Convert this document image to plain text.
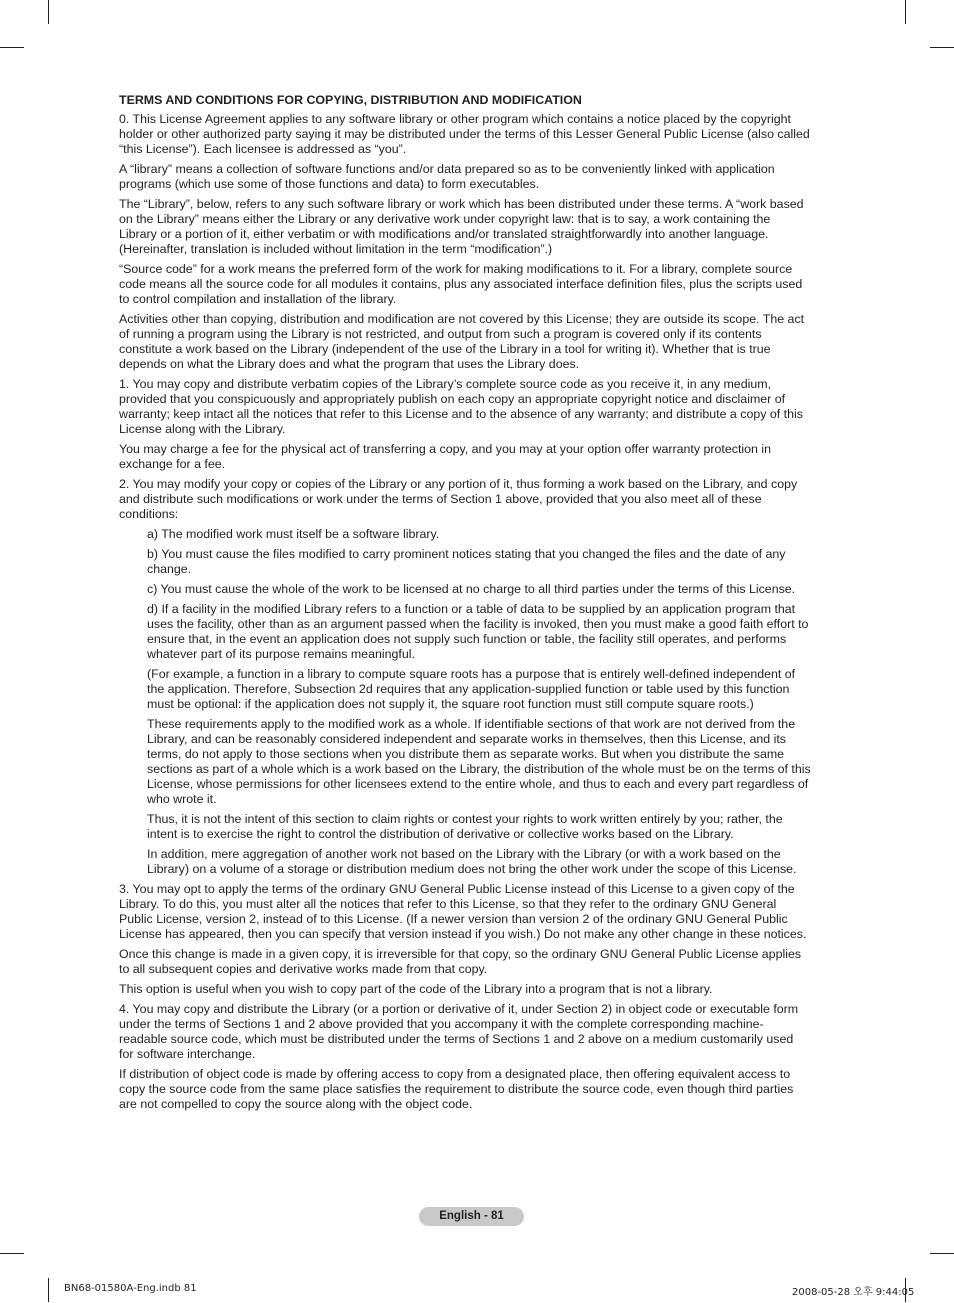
TERMS AND CONDITIONS FOR COPYING, DISTRIBUTION AND MODIFICATION

0. This License Agreement applies to any software library or other program which contains a notice placed by the copyright holder or other authorized party saying it may be distributed under the terms of this Lesser General Public License (also called “this License”). Each licensee is addressed as “you”.

A “library” means a collection of software functions and/or data prepared so as to be conveniently linked with application programs (which use some of those functions and data) to form executables.

The “Library”, below, refers to any such software library or work which has been distributed under these terms. A “work based on the Library” means either the Library or any derivative work under copyright law: that is to say, a work containing the Library or a portion of it, either verbatim or with modifications and/or translated straightforwardly into another language. (Hereinafter, translation is included without limitation in the term “modification”.)

“Source code” for a work means the preferred form of the work for making modifications to it. For a library, complete source code means all the source code for all modules it contains, plus any associated interface definition files, plus the scripts used to control compilation and installation of the library.

Activities other than copying, distribution and modification are not covered by this License; they are outside its scope. The act of running a program using the Library is not restricted, and output from such a program is covered only if its contents constitute a work based on the Library (independent of the use of the Library in a tool for writing it). Whether that is true depends on what the Library does and what the program that uses the Library does.

1. You may copy and distribute verbatim copies of the Library’s complete source code as you receive it, in any medium, provided that you conspicuously and appropriately publish on each copy an appropriate copyright notice and disclaimer of warranty; keep intact all the notices that refer to this License and to the absence of any warranty; and distribute a copy of this License along with the Library.

You may charge a fee for the physical act of transferring a copy, and you may at your option offer warranty protection in exchange for a fee.

2. You may modify your copy or copies of the Library or any portion of it, thus forming a work based on the Library, and copy and distribute such modifications or work under the terms of Section 1 above, provided that you also meet all of these conditions:

a) The modified work must itself be a software library.

b) You must cause the files modified to carry prominent notices stating that you changed the files and the date of any change.

c) You must cause the whole of the work to be licensed at no charge to all third parties under the terms of this License.

d) If a facility in the modified Library refers to a function or a table of data to be supplied by an application program that uses the facility, other than as an argument passed when the facility is invoked, then you must make a good faith effort to ensure that, in the event an application does not supply such function or table, the facility still operates, and performs whatever part of its purpose remains meaningful.

(For example, a function in a library to compute square roots has a purpose that is entirely well-defined independent of the application. Therefore, Subsection 2d requires that any application-supplied function or table used by this function must be optional: if the application does not supply it, the square root function must still compute square roots.)

These requirements apply to the modified work as a whole. If identifiable sections of that work are not derived from the Library, and can be reasonably considered independent and separate works in themselves, then this License, and its terms, do not apply to those sections when you distribute them as separate works. But when you distribute the same sections as part of a whole which is a work based on the Library, the distribution of the whole must be on the terms of this License, whose permissions for other licensees extend to the entire whole, and thus to each and every part regardless of who wrote it.

Thus, it is not the intent of this section to claim rights or contest your rights to work written entirely by you; rather, the intent is to exercise the right to control the distribution of derivative or collective works based on the Library.

In addition, mere aggregation of another work not based on the Library with the Library (or with a work based on the Library) on a volume of a storage or distribution medium does not bring the other work under the scope of this License.

3. You may opt to apply the terms of the ordinary GNU General Public License instead of this License to a given copy of the Library. To do this, you must alter all the notices that refer to this License, so that they refer to the ordinary GNU General Public License, version 2, instead of to this License. (If a newer version than version 2 of the ordinary GNU General Public License has appeared, then you can specify that version instead if you wish.) Do not make any other change in these notices.

Once this change is made in a given copy, it is irreversible for that copy, so the ordinary GNU General Public License applies to all subsequent copies and derivative works made from that copy.

This option is useful when you wish to copy part of the code of the Library into a program that is not a library.

4. You may copy and distribute the Library (or a portion or derivative of it, under Section 2) in object code or executable form under the terms of Sections 1 and 2 above provided that you accompany it with the complete corresponding machine-readable source code, which must be distributed under the terms of Sections 1 and 2 above on a medium customarily used for software interchange.

If distribution of object code is made by offering access to copy from a designated place, then offering equivalent access to copy the source code from the same place satisfies the requirement to distribute the source code, even though third parties are not compelled to copy the source along with the object code.

English - 81
BN68-01580A-Eng.indb 81	2008-05-28 오후 9:44:05
